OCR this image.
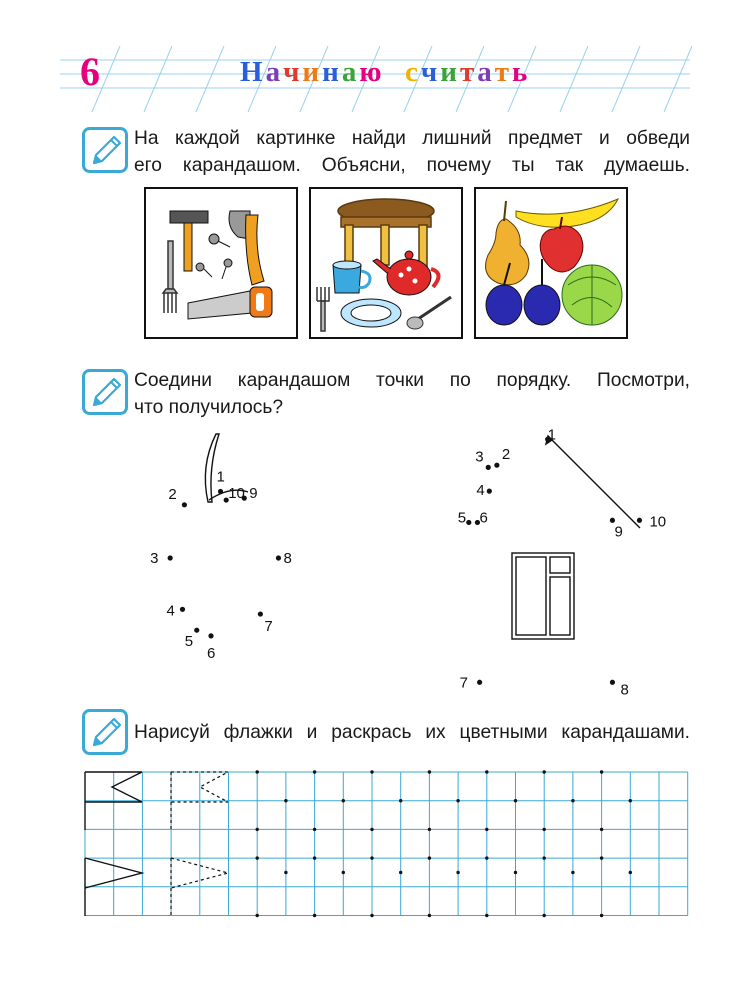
6	Начинаю считать
На каждой картинке найди лишний предмет и обведи
его карандашом. Объясни, почему ты так думаешь.
Соедини карандашом точки по порядку. Посмотри,
что получилось?
1
2
3
4
5
6
7
8
9
10
1
2
3
4
5 6
7	8
9
10
Нарисуй флажки и раскрась их цветными карандашами.
